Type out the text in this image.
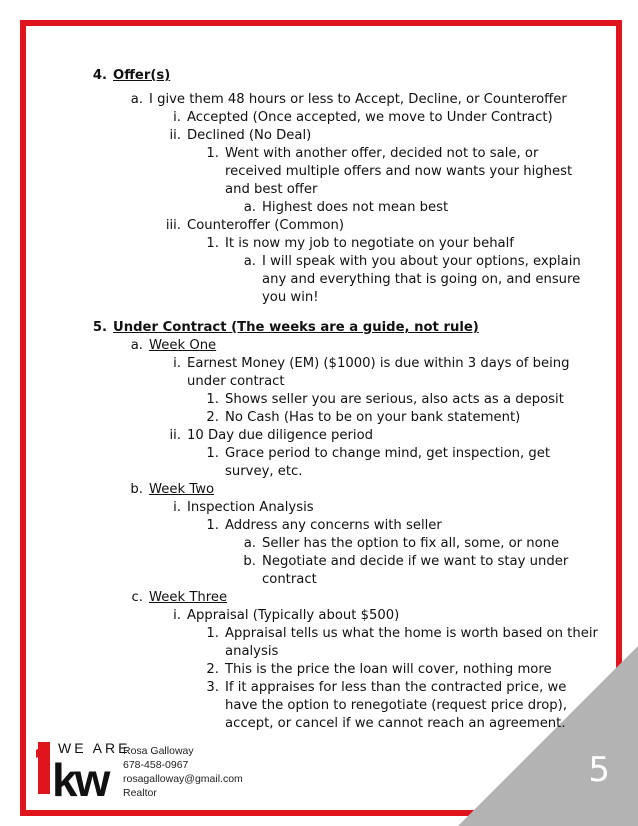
5
4. Offer(s)
a. I give them 48 hours or less to Accept, Decline, or Counteroffer
i. Accepted (Once accepted, we move to Under Contract)
ii. Declined (No Deal)
1. Went with another offer, decided not to sale, or
received multiple offers and now wants your highest
and best offer
a. Highest does not mean best
iii. Counteroffer (Common)
1. It is now my job to negotiate on your behalf
a. I will speak with you about your options, explain
any and everything that is going on, and ensure
you win!
5. Under Contract (The weeks are a guide, not rule)
a. Week One
i. Earnest Money (EM) ($1000) is due within 3 days of being
under contract
1. Shows seller you are serious, also acts as a deposit
2. No Cash (Has to be on your bank statement)
ii. 10 Day due diligence period
1. Grace period to change mind, get inspection, get
survey, etc.
b. Week Two
i. Inspection Analysis
1. Address any concerns with seller
a. Seller has the option to fix all, some, or none
b. Negotiate and decide if we want to stay under
contract
c. Week Three
i. Appraisal (Typically about $500)
1. Appraisal tells us what the home is worth based on their
analysis
2. This is the price the loan will cover, nothing more
3. If it appraises for less than the contracted price, we
have the option to renegotiate (request price drop),
accept, or cancel if we cannot reach an agreement.
kw
WE ARE
Rosa Galloway
678-458-0967
rosagalloway@gmail.com
Realtor
